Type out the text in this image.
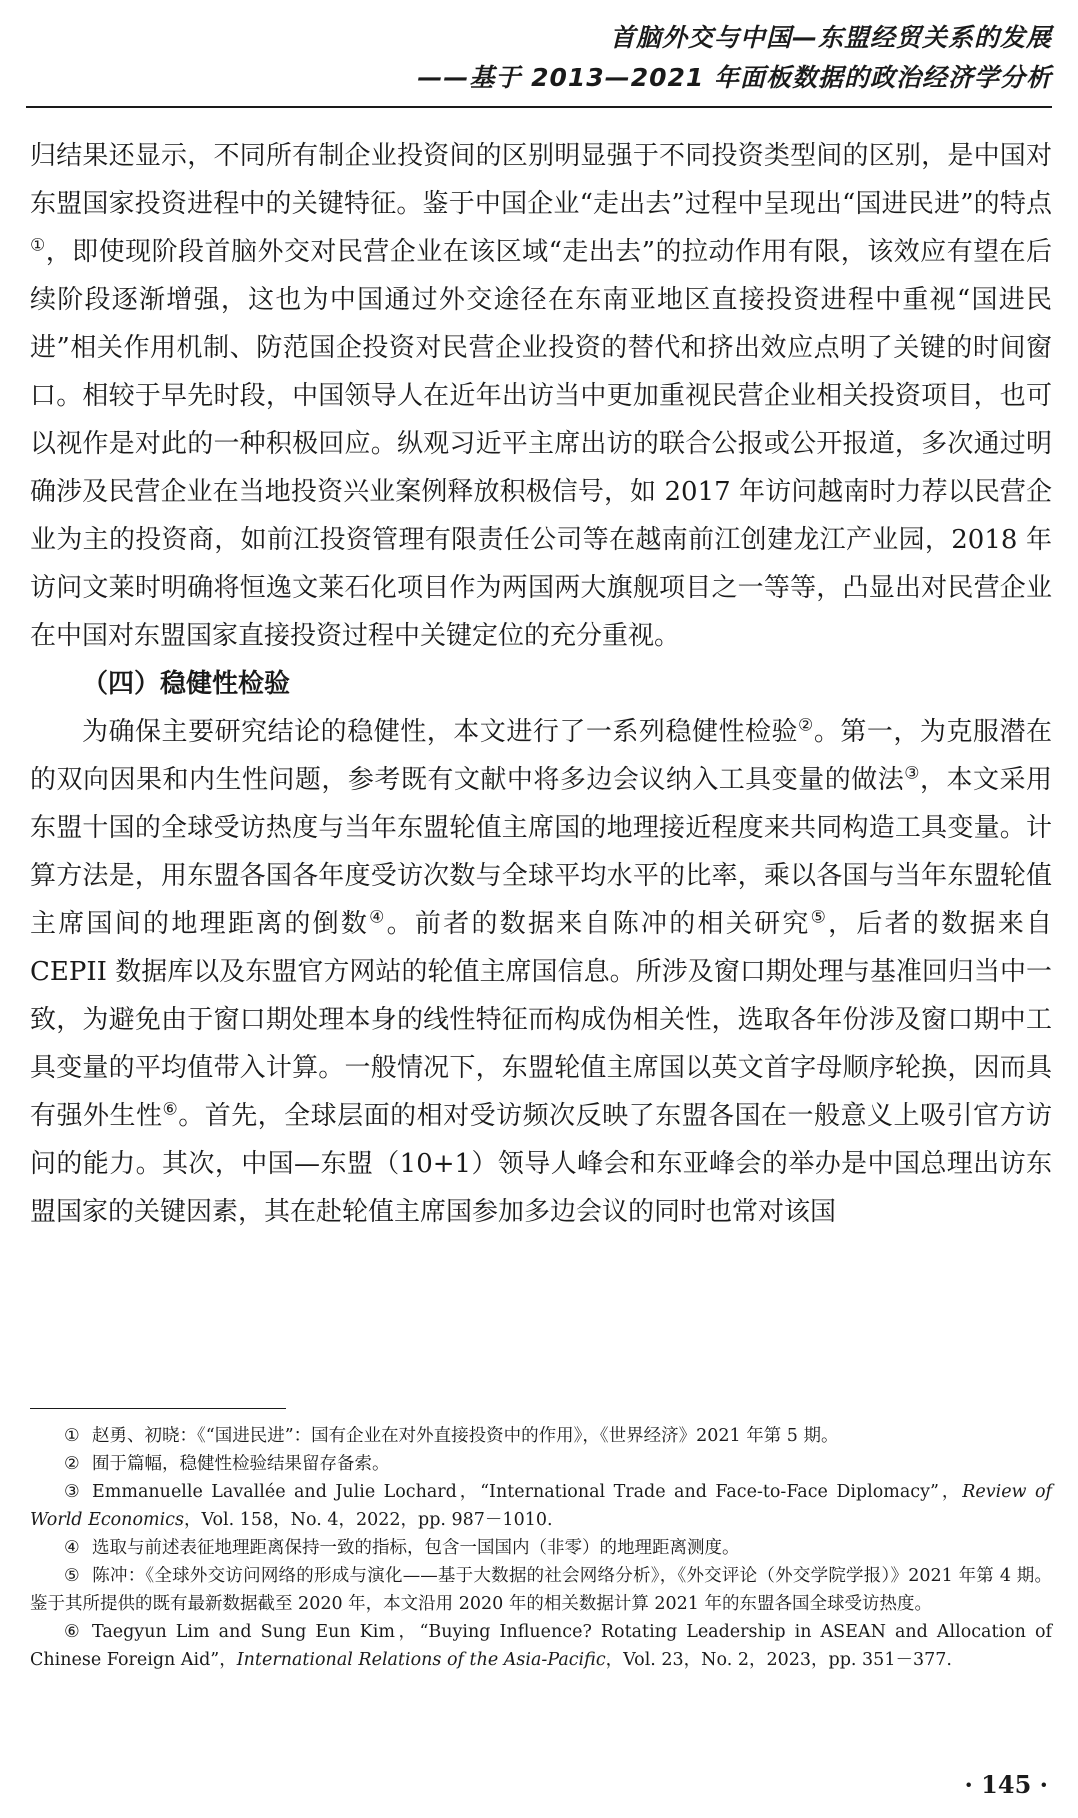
首脑外交与中国—东盟经贸关系的发展
——基于 2013—2021 年面板数据的政治经济学分析

归结果还显示，不同所有制企业投资间的区别明显强于不同投资类型间的区别，是中国对东盟国家投资进程中的关键特征。鉴于中国企业“走出去”过程中呈现出“国进民进”的特点①，即使现阶段首脑外交对民营企业在该区域“走出去”的拉动作用有限，该效应有望在后续阶段逐渐增强，这也为中国通过外交途径在东南亚地区直接投资进程中重视“国进民进”相关作用机制、防范国企投资对民营企业投资的替代和挤出效应点明了关键的时间窗口。相较于早先时段，中国领导人在近年出访当中更加重视民营企业相关投资项目，也可以视作是对此的一种积极回应。纵观习近平主席出访的联合公报或公开报道，多次通过明确涉及民营企业在当地投资兴业案例释放积极信号，如 2017 年访问越南时力荐以民营企业为主的投资商，如前江投资管理有限责任公司等在越南前江创建龙江产业园，2018 年访问文莱时明确将恒逸文莱石化项目作为两国两大旗舰项目之一等等，凸显出对民营企业在中国对东盟国家直接投资过程中关键定位的充分重视。

（四）稳健性检验

为确保主要研究结论的稳健性，本文进行了一系列稳健性检验②。第一，为克服潜在的双向因果和内生性问题，参考既有文献中将多边会议纳入工具变量的做法③，本文采用东盟十国的全球受访热度与当年东盟轮值主席国的地理接近程度来共同构造工具变量。计算方法是，用东盟各国各年度受访次数与全球平均水平的比率，乘以各国与当年东盟轮值主席国间的地理距离的倒数④。前者的数据来自陈冲的相关研究⑤，后者的数据来自 CEPII 数据库以及东盟官方网站的轮值主席国信息。所涉及窗口期处理与基准回归当中一致，为避免由于窗口期处理本身的线性特征而构成伪相关性，选取各年份涉及窗口期中工具变量的平均值带入计算。一般情况下，东盟轮值主席国以英文首字母顺序轮换，因而具有强外生性⑥。首先，全球层面的相对受访频次反映了东盟各国在一般意义上吸引官方访问的能力。其次，中国—东盟（10+1）领导人峰会和东亚峰会的举办是中国总理出访东盟国家的关键因素，其在赴轮值主席国参加多边会议的同时也常对该国

① 赵勇、初晓：《“国进民进”：国有企业在对外直接投资中的作用》，《世界经济》2021 年第 5 期。

② 囿于篇幅，稳健性检验结果留存备索。

③ Emmanuelle Lavallée and Julie Lochard，“International Trade and Face-to-Face Diplomacy”，Review of World Economics，Vol. 158，No. 4，2022，pp. 987－1010.

④ 选取与前述表征地理距离保持一致的指标，包含一国国内（非零）的地理距离测度。

⑤ 陈冲：《全球外交访问网络的形成与演化——基于大数据的社会网络分析》，《外交评论（外交学院学报）》2021 年第 4 期。鉴于其所提供的既有最新数据截至 2020 年，本文沿用 2020 年的相关数据计算 2021 年的东盟各国全球受访热度。

⑥ Taegyun Lim and Sung Eun Kim，“Buying Influence? Rotating Leadership in ASEAN and Allocation of Chinese Foreign Aid”，International Relations of the Asia-Pacific，Vol. 23，No. 2，2023，pp. 351－377.

· 145 ·
